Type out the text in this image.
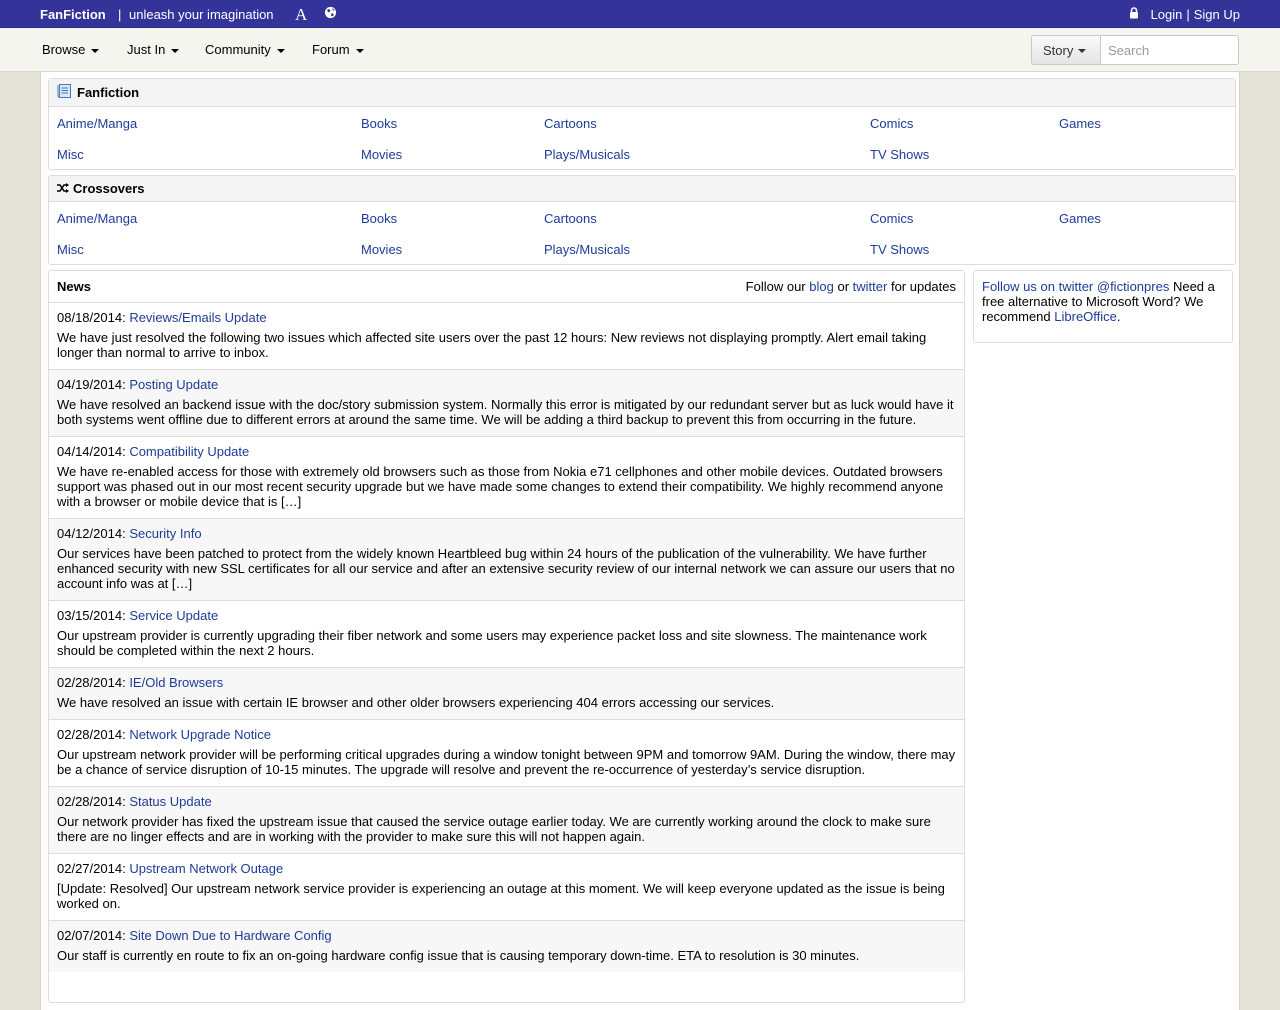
FanFiction | unleash your imagination A	Login | Sign Up
Browse	Just In	Community	Forum	Story
Search
Fanfiction
Anime/Manga	Books	Cartoons	Comics	Games
Misc	Movies	Plays/Musicals	TV Shows
Crossovers
Anime/Manga	Books	Cartoons	Comics	Games
Misc	Movies	Plays/Musicals	TV Shows
News	Follow our blog or twitter for updates
08/18/2014: Reviews/Emails Update
We have just resolved the following two issues which affected site users over the past 12 hours: New reviews not displaying promptly. Alert email taking longer than normal to arrive to inbox.
04/19/2014: Posting Update
We have resolved an backend issue with the doc/story submission system. Normally this error is mitigated by our redundant server but as luck would have it both systems went offline due to different errors at around the same time. We will be adding a third backup to prevent this from occurring in the future.
04/14/2014: Compatibility Update
We have re-enabled access for those with extremely old browsers such as those from Nokia e71 cellphones and other mobile devices. Outdated browsers support was phased out in our most recent security upgrade but we have made some changes to extend their compatibility. We highly recommend anyone with a browser or mobile device that is […]
04/12/2014: Security Info
Our services have been patched to protect from the widely known Heartbleed bug within 24 hours of the publication of the vulnerability. We have further enhanced security with new SSL certificates for all our service and after an extensive security review of our internal network we can assure our users that no account info was at […]
03/15/2014: Service Update
Our upstream provider is currently upgrading their fiber network and some users may experience packet loss and site slowness. The maintenance work should be completed within the next 2 hours.
02/28/2014: IE/Old Browsers
We have resolved an issue with certain IE browser and other older browsers experiencing 404 errors accessing our services.
02/28/2014: Network Upgrade Notice
Our upstream network provider will be performing critical upgrades during a window tonight between 9PM and tomorrow 9AM. During the window, there may be a chance of service disruption of 10-15 minutes. The upgrade will resolve and prevent the re-occurrence of yesterday’s service disruption.
02/28/2014: Status Update
Our network provider has fixed the upstream issue that caused the service outage earlier today. We are currently working around the clock to make sure there are no linger effects and are in working with the provider to make sure this will not happen again.
02/27/2014: Upstream Network Outage
[Update: Resolved] Our upstream network service provider is experiencing an outage at this moment. We will keep everyone updated as the issue is being worked on.
02/07/2014: Site Down Due to Hardware Config
Our staff is currently en route to fix an on-going hardware config issue that is causing temporary down-time. ETA to resolution is 30 minutes.
Follow us on twitter @fictionpres Need a free alternative to Microsoft Word? We recommend LibreOffice.
